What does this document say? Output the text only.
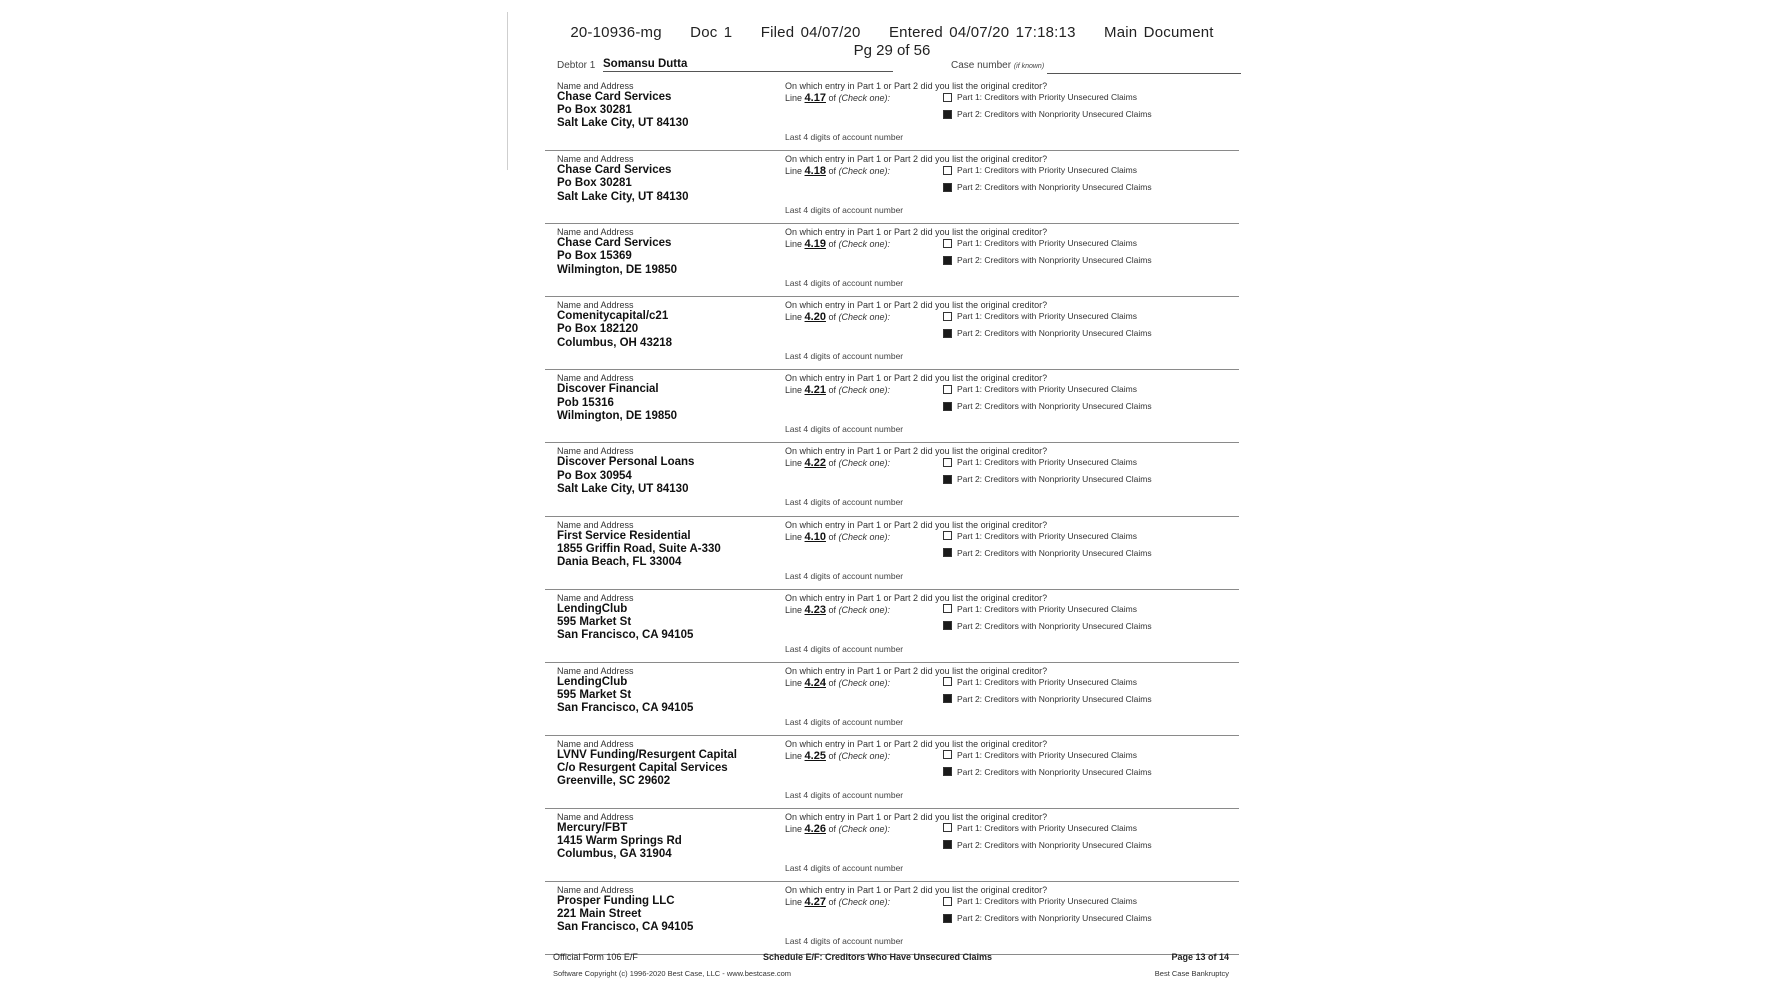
20-10936-mg Doc 1 Filed 04/07/20 Entered 04/07/20 17:18:13 Main Document
Pg 29 of 56
Debtor 1 Somansu Dutta	Case number (if known)
Name and Address
Chase Card Services
Po Box 30281
Salt Lake City, UT 84130
On which entry in Part 1 or Part 2 did you list the original creditor?
Line 4.17 of (Check one):	Part 1: Creditors with Priority Unsecured Claims
Part 2: Creditors with Nonpriority Unsecured Claims
Last 4 digits of account number
Name and Address
Chase Card Services
Po Box 30281
Salt Lake City, UT 84130
On which entry in Part 1 or Part 2 did you list the original creditor?
Line 4.18 of (Check one):	Part 1: Creditors with Priority Unsecured Claims
Part 2: Creditors with Nonpriority Unsecured Claims
Last 4 digits of account number
Name and Address
Chase Card Services
Po Box 15369
Wilmington, DE 19850
On which entry in Part 1 or Part 2 did you list the original creditor?
Line 4.19 of (Check one):	Part 1: Creditors with Priority Unsecured Claims
Part 2: Creditors with Nonpriority Unsecured Claims
Last 4 digits of account number
Name and Address
Comenitycapital/c21
Po Box 182120
Columbus, OH 43218
On which entry in Part 1 or Part 2 did you list the original creditor?
Line 4.20 of (Check one):	Part 1: Creditors with Priority Unsecured Claims
Part 2: Creditors with Nonpriority Unsecured Claims
Last 4 digits of account number
Name and Address
Discover Financial
Pob 15316
Wilmington, DE 19850
On which entry in Part 1 or Part 2 did you list the original creditor?
Line 4.21 of (Check one):	Part 1: Creditors with Priority Unsecured Claims
Part 2: Creditors with Nonpriority Unsecured Claims
Last 4 digits of account number
Name and Address
Discover Personal Loans
Po Box 30954
Salt Lake City, UT 84130
On which entry in Part 1 or Part 2 did you list the original creditor?
Line 4.22 of (Check one):	Part 1: Creditors with Priority Unsecured Claims
Part 2: Creditors with Nonpriority Unsecured Claims
Last 4 digits of account number
Name and Address
First Service Residential
1855 Griffin Road, Suite A-330
Dania Beach, FL 33004
On which entry in Part 1 or Part 2 did you list the original creditor?
Line 4.10 of (Check one):	Part 1: Creditors with Priority Unsecured Claims
Part 2: Creditors with Nonpriority Unsecured Claims
Last 4 digits of account number
Name and Address
LendingClub
595 Market St
San Francisco, CA 94105
On which entry in Part 1 or Part 2 did you list the original creditor?
Line 4.23 of (Check one):	Part 1: Creditors with Priority Unsecured Claims
Part 2: Creditors with Nonpriority Unsecured Claims
Last 4 digits of account number
Name and Address
LendingClub
595 Market St
San Francisco, CA 94105
On which entry in Part 1 or Part 2 did you list the original creditor?
Line 4.24 of (Check one):	Part 1: Creditors with Priority Unsecured Claims
Part 2: Creditors with Nonpriority Unsecured Claims
Last 4 digits of account number
Name and Address
LVNV Funding/Resurgent Capital
C/o Resurgent Capital Services
Greenville, SC 29602
On which entry in Part 1 or Part 2 did you list the original creditor?
Line 4.25 of (Check one):	Part 1: Creditors with Priority Unsecured Claims
Part 2: Creditors with Nonpriority Unsecured Claims
Last 4 digits of account number
Name and Address
Mercury/FBT
1415 Warm Springs Rd
Columbus, GA 31904
On which entry in Part 1 or Part 2 did you list the original creditor?
Line 4.26 of (Check one):	Part 1: Creditors with Priority Unsecured Claims
Part 2: Creditors with Nonpriority Unsecured Claims
Last 4 digits of account number
Name and Address
Prosper Funding LLC
221 Main Street
San Francisco, CA 94105
On which entry in Part 1 or Part 2 did you list the original creditor?
Line 4.27 of (Check one):	Part 1: Creditors with Priority Unsecured Claims
Part 2: Creditors with Nonpriority Unsecured Claims
Last 4 digits of account number
Official Form 106 E/F	Schedule E/F: Creditors Who Have Unsecured Claims	Page 13 of 14
Software Copyright (c) 1996-2020 Best Case, LLC - www.bestcase.com	Best Case Bankruptcy
